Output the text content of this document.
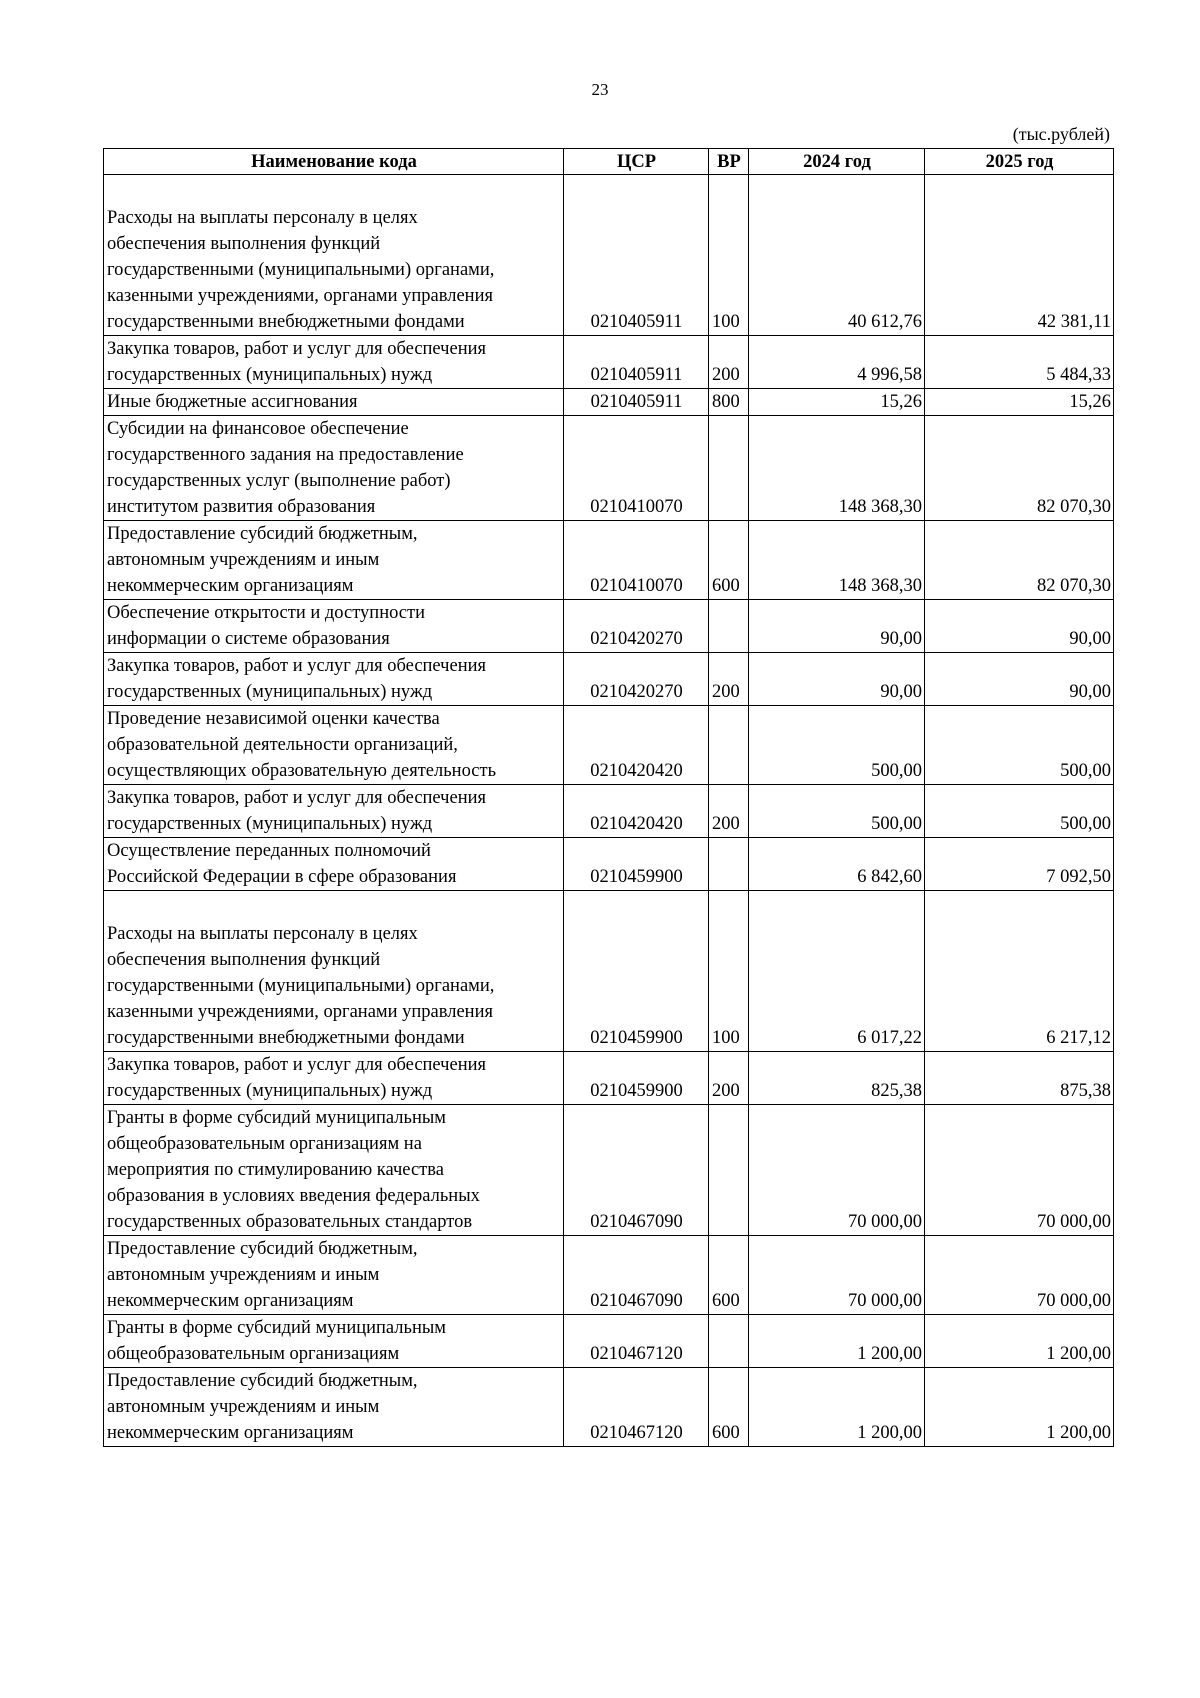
23
(тыс.рублей)
Наименование кода	ЦСР	ВР	2024 год	2025 год
Расходы на выплаты персоналу в целях
обеспечения выполнения функций
государственными (муниципальными) органами,
казенными учреждениями, органами управления
государственными внебюджетными фондами	0210405911	100	40 612,76	42 381,11
Закупка товаров, работ и услуг для обеспечения
государственных (муниципальных) нужд	0210405911	200	4 996,58	5 484,33
Иные бюджетные ассигнования	0210405911	800	15,26	15,26
Субсидии на финансовое обеспечение
государственного задания на предоставление
государственных услуг (выполнение работ)
институтом развития образования	0210410070		148 368,30	82 070,30
Предоставление субсидий бюджетным,
автономным учреждениям и иным
некоммерческим организациям	0210410070	600	148 368,30	82 070,30
Обеспечение открытости и доступности
информации о системе образования	0210420270		90,00	90,00
Закупка товаров, работ и услуг для обеспечения
государственных (муниципальных) нужд	0210420270	200	90,00	90,00
Проведение независимой оценки качества
образовательной деятельности организаций,
осуществляющих образовательную деятельность	0210420420		500,00	500,00
Закупка товаров, работ и услуг для обеспечения
государственных (муниципальных) нужд	0210420420	200	500,00	500,00
Осуществление переданных полномочий
Российской Федерации в сфере образования	0210459900		6 842,60	7 092,50
Расходы на выплаты персоналу в целях
обеспечения выполнения функций
государственными (муниципальными) органами,
казенными учреждениями, органами управления
государственными внебюджетными фондами	0210459900	100	6 017,22	6 217,12
Закупка товаров, работ и услуг для обеспечения
государственных (муниципальных) нужд	0210459900	200	825,38	875,38
Гранты в форме субсидий муниципальным
общеобразовательным организациям на
мероприятия по стимулированию качества
образования в условиях введения федеральных
государственных образовательных стандартов	0210467090		70 000,00	70 000,00
Предоставление субсидий бюджетным,
автономным учреждениям и иным
некоммерческим организациям	0210467090	600	70 000,00	70 000,00
Гранты в форме субсидий муниципальным
общеобразовательным организациям	0210467120		1 200,00	1 200,00
Предоставление субсидий бюджетным,
автономным учреждениям и иным
некоммерческим организациям	0210467120	600	1 200,00	1 200,00
